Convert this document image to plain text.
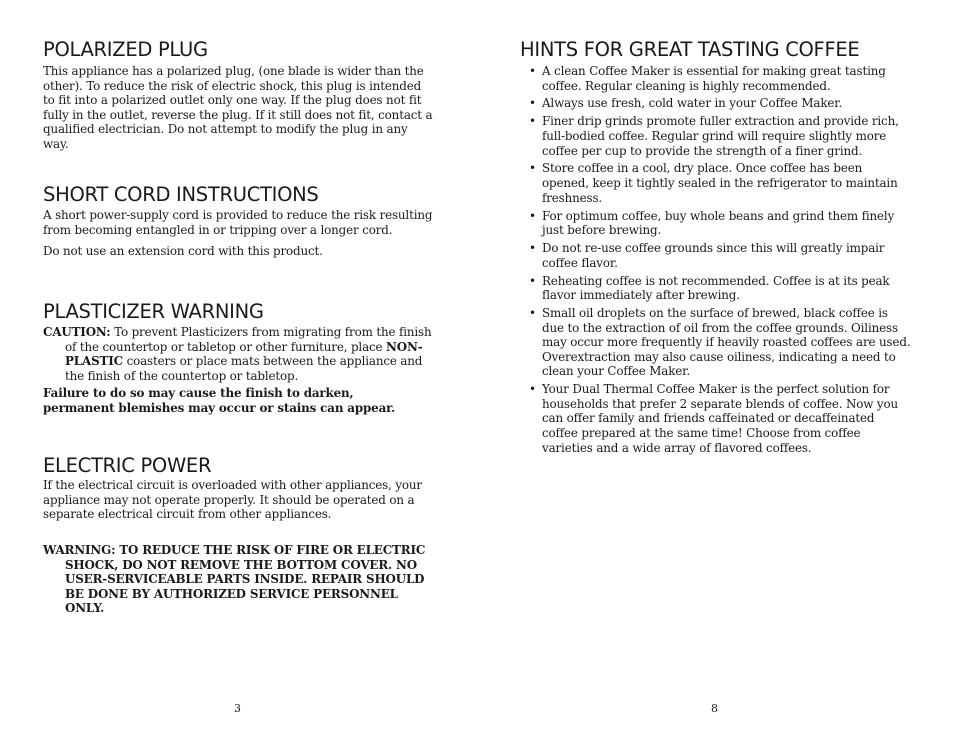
POLARIZED PLUG

This appliance has a polarized plug, (one blade is wider than the other). To reduce the risk of electric shock, this plug is intended to fit into a polarized outlet only one way. If the plug does not fit fully in the outlet, reverse the plug. If it still does not fit, contact a qualified electrician. Do not attempt to modify the plug in any way.

SHORT CORD INSTRUCTIONS

A short power-supply cord is provided to reduce the risk resulting from becoming entangled in or tripping over a longer cord.

Do not use an extension cord with this product.

PLASTICIZER WARNING

CAUTION: To prevent Plasticizers from migrating from the finish of the countertop or tabletop or other furniture, place NON-PLASTIC coasters or place mats between the appliance and the finish of the countertop or tabletop.

Failure to do so may cause the finish to darken, permanent blemishes may occur or stains can appear.

ELECTRIC POWER

If the electrical circuit is overloaded with other appliances, your appliance may not operate properly. It should be operated on a separate electrical circuit from other appliances.

WARNING: TO REDUCE THE RISK OF FIRE OR ELECTRIC SHOCK, DO NOT REMOVE THE BOTTOM COVER. NO USER-SERVICEABLE PARTS INSIDE. REPAIR SHOULD BE DONE BY AUTHORIZED SERVICE PERSONNEL ONLY.

3
HINTS FOR GREAT TASTING COFFEE
• A clean Coffee Maker is essential for making great tasting coffee. Regular cleaning is highly recommended.
• Always use fresh, cold water in your Coffee Maker.
• Finer drip grinds promote fuller extraction and provide rich, full-bodied coffee. Regular grind will require slightly more coffee per cup to provide the strength of a finer grind.
• Store coffee in a cool, dry place. Once coffee has been opened, keep it tightly sealed in the refrigerator to maintain freshness.
• For optimum coffee, buy whole beans and grind them finely just before brewing.
• Do not re-use coffee grounds since this will greatly impair coffee flavor.
• Reheating coffee is not recommended. Coffee is at its peak flavor immediately after brewing.
• Small oil droplets on the surface of brewed, black coffee is due to the extraction of oil from the coffee grounds. Oiliness may occur more frequently if heavily roasted coffees are used. Overextraction may also cause oiliness, indicating a need to clean your Coffee Maker.
• Your Dual Thermal Coffee Maker is the perfect solution for households that prefer 2 separate blends of coffee. Now you can offer family and friends caffeinated or decaffeinated coffee prepared at the same time! Choose from coffee varieties and a wide array of flavored coffees.
8
